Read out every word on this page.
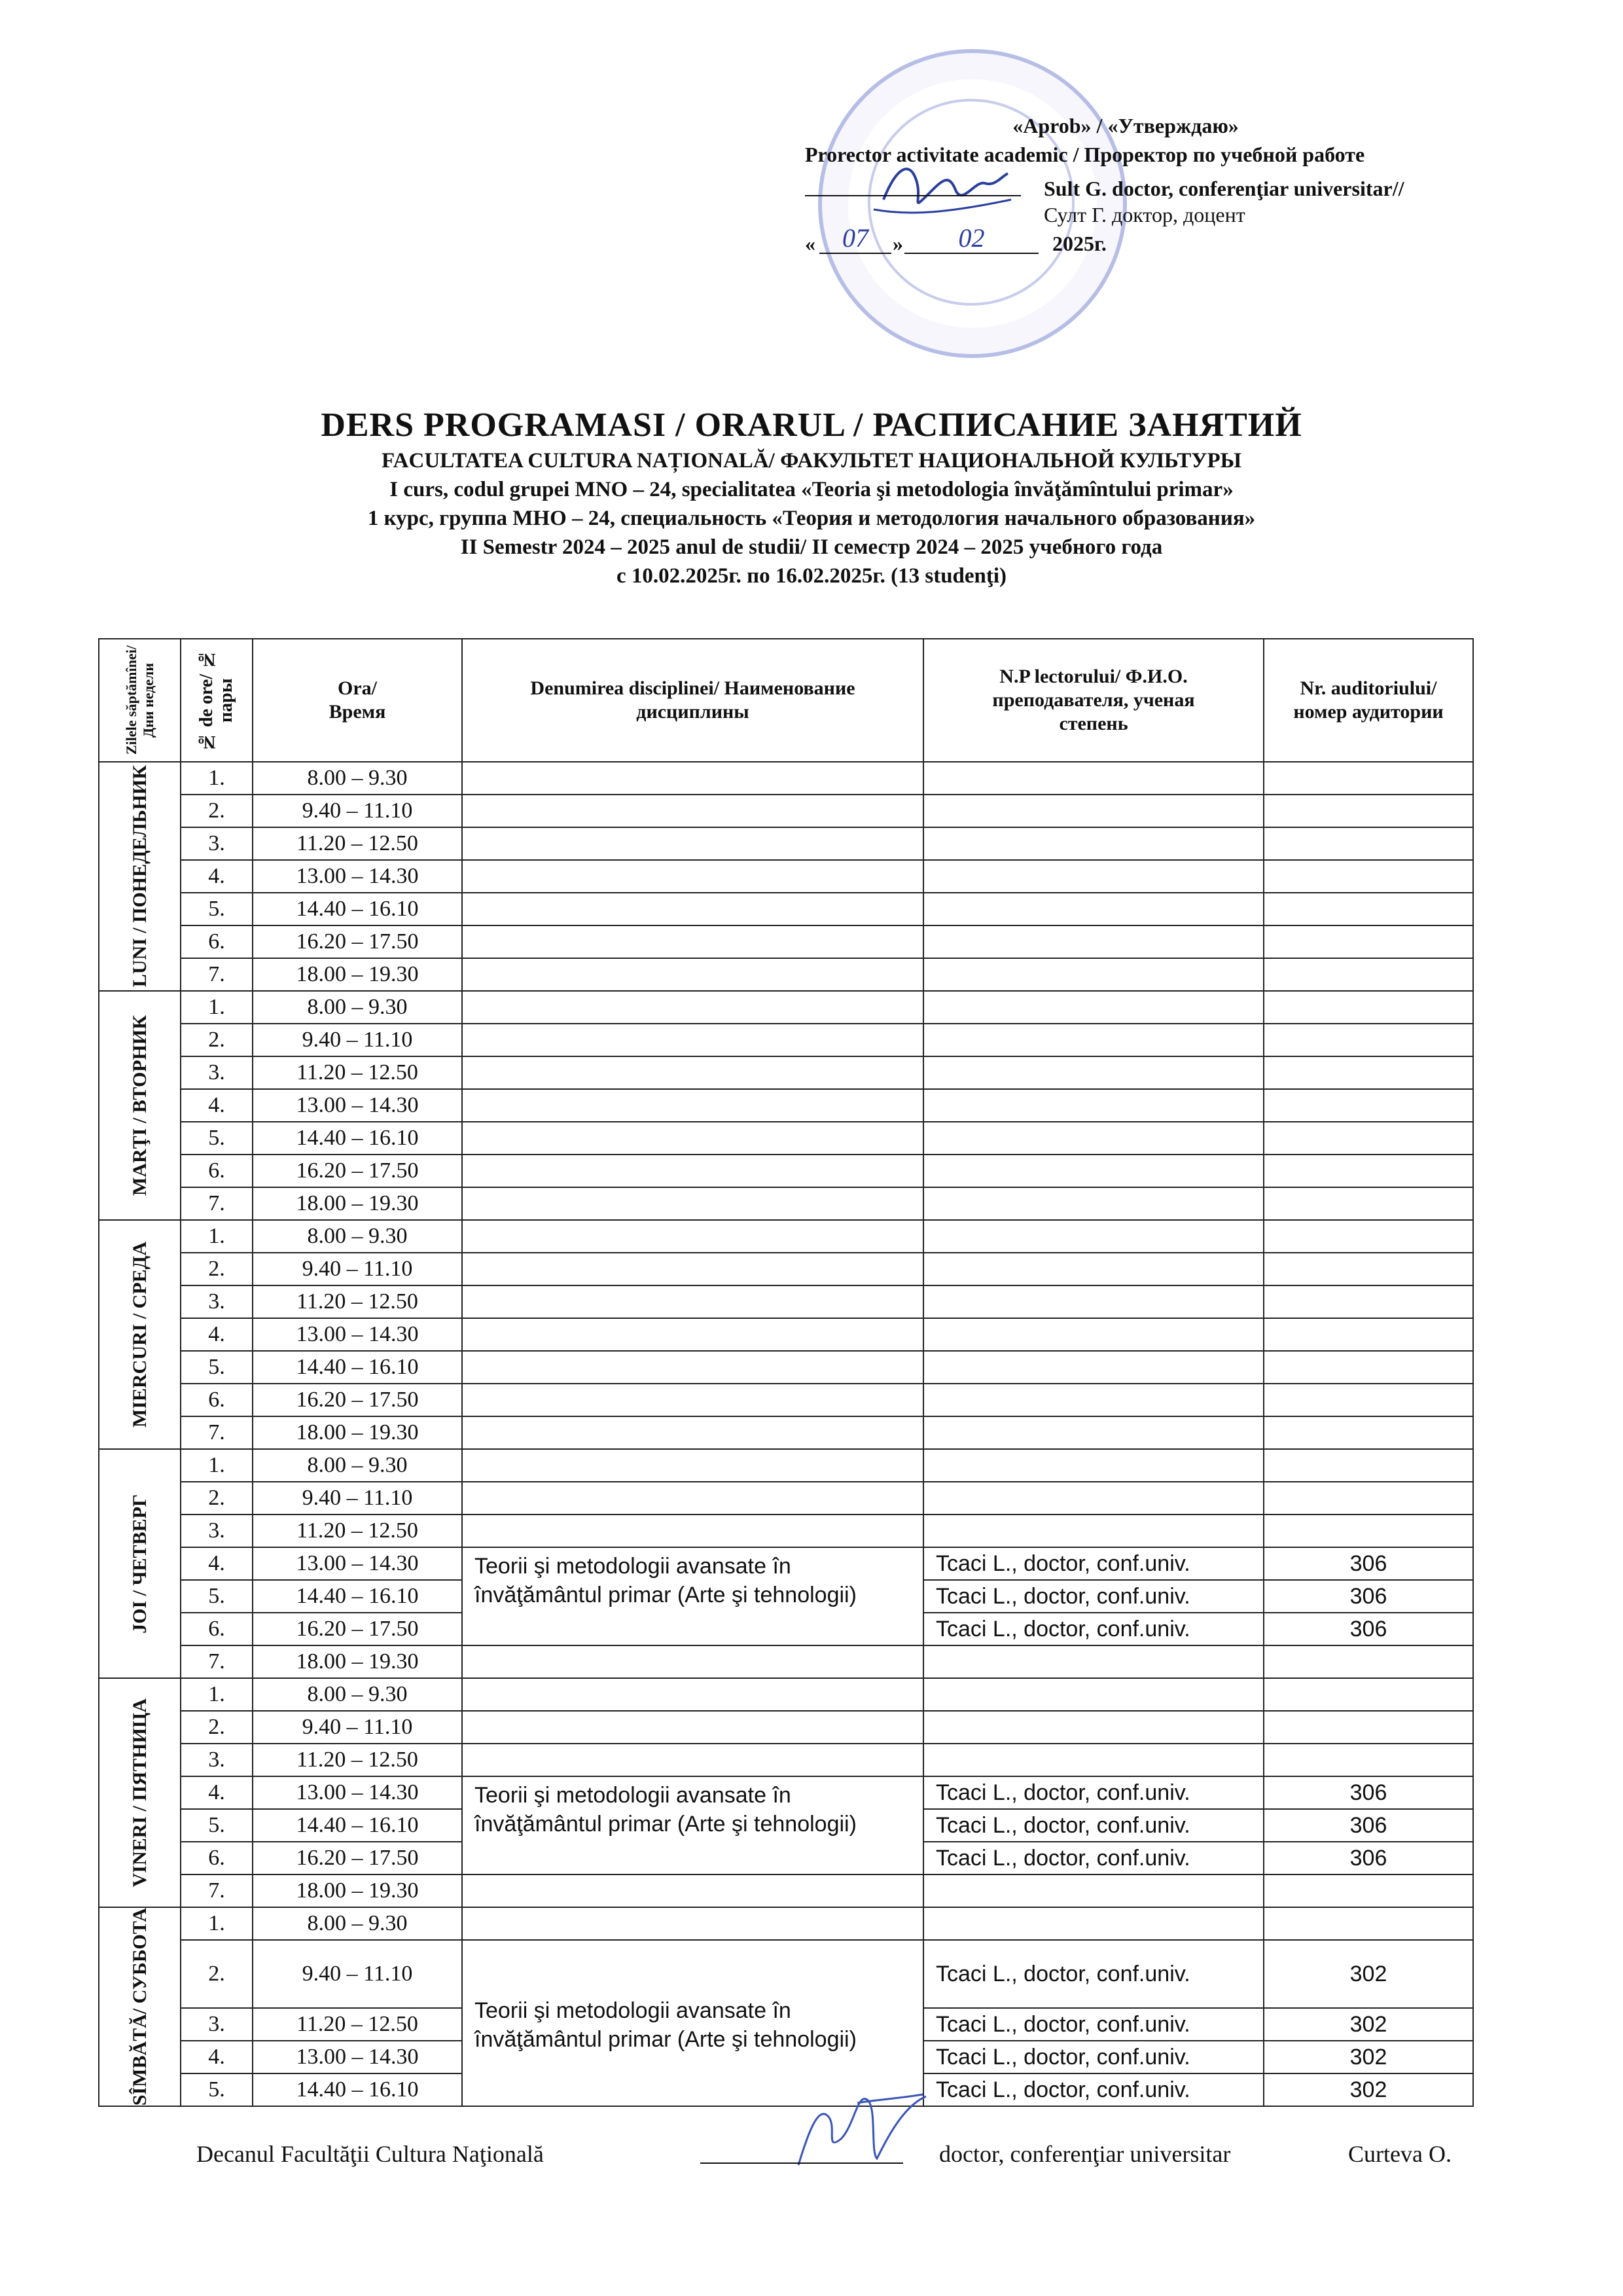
«Aprob» / «Утверждаю»
Prorector activitate academic / Проректор по учебной работе
Sult G. doctor, conferenţiar universitar//
Султ Г. доктор, доцент
«	07	»	02	2025г.
DERS PROGRAMASI / ORARUL / РАСПИСАНИЕ ЗАНЯТИЙ
FACULTATEA CULTURA NAȚIONALĂ/ ФАКУЛЬТЕТ НАЦИОНАЛЬНОЙ КУЛЬТУРЫ
I curs, codul grupei MNO – 24, specialitatea «Teoria şi metodologia învăţămîntului primar»
1 курс, группа МНО – 24, специальность «Теория и методология начального образования»
II Semestr 2024 – 2025 anul de studii/ II семестр 2024 – 2025 учебного года
с 10.02.2025г. по 16.02.2025г. (13 studenţi)
Zilele săptămînei/ Дни недели	№ de ore/ № пары	Ora/ Время	Denumirea disciplinei/ Наименование дисциплины	N.P lectorului/ Ф.И.О. преподавателя, ученая степень	Nr. auditoriului/ номер аудитории

LUNI / ПОНЕДЕЛЬНИК	1.	8.00 – 9.30			
	2.	9.40 – 11.10			
	3.	11.20 – 12.50			
	4.	13.00 – 14.30			
	5.	14.40 – 16.10			
	6.	16.20 – 17.50			
	7.	18.00 – 19.30			

MARŢI / ВТОРНИК	1.	8.00 – 9.30			
	2.	9.40 – 11.10			
	3.	11.20 – 12.50			
	4.	13.00 – 14.30			
	5.	14.40 – 16.10			
	6.	16.20 – 17.50			
	7.	18.00 – 19.30			

MIERCURI / СРЕДА	1.	8.00 – 9.30			
	2.	9.40 – 11.10			
	3.	11.20 – 12.50			
	4.	13.00 – 14.30			
	5.	14.40 – 16.10			
	6.	16.20 – 17.50			
	7.	18.00 – 19.30			

JOI / ЧЕТВЕРГ	1.	8.00 – 9.30			
	2.	9.40 – 11.10			
	3.	11.20 – 12.50			
	4.	13.00 – 14.30	Teorii şi metodologii avansate în învăţământul primar (Arte şi tehnologii)	Tcaci L., doctor, conf.univ.	306
	5.	14.40 – 16.10		Tcaci L., doctor, conf.univ.	306
	6.	16.20 – 17.50		Tcaci L., doctor, conf.univ.	306
	7.	18.00 – 19.30			

VINERI / ПЯТНИЦА	1.	8.00 – 9.30			
	2.	9.40 – 11.10			
	3.	11.20 – 12.50			
	4.	13.00 – 14.30	Teorii şi metodologii avansate în învăţământul primar (Arte şi tehnologii)	Tcaci L., doctor, conf.univ.	306
	5.	14.40 – 16.10		Tcaci L., doctor, conf.univ.	306
	6.	16.20 – 17.50		Tcaci L., doctor, conf.univ.	306
	7.	18.00 – 19.30			

SÎMBĂTĂ/ СУББОТА	1.	8.00 – 9.30			
	2.	9.40 – 11.10	Teorii şi metodologii avansate în învăţământul primar (Arte şi tehnologii)	Tcaci L., doctor, conf.univ.	302
	3.	11.20 – 12.50		Tcaci L., doctor, conf.univ.	302
	4.	13.00 – 14.30		Tcaci L., doctor, conf.univ.	302
	5.	14.40 – 16.10		Tcaci L., doctor, conf.univ.	302
Decanul Facultăţii Cultura Naţională	doctor, conferenţiar universitar	Curteva O.
